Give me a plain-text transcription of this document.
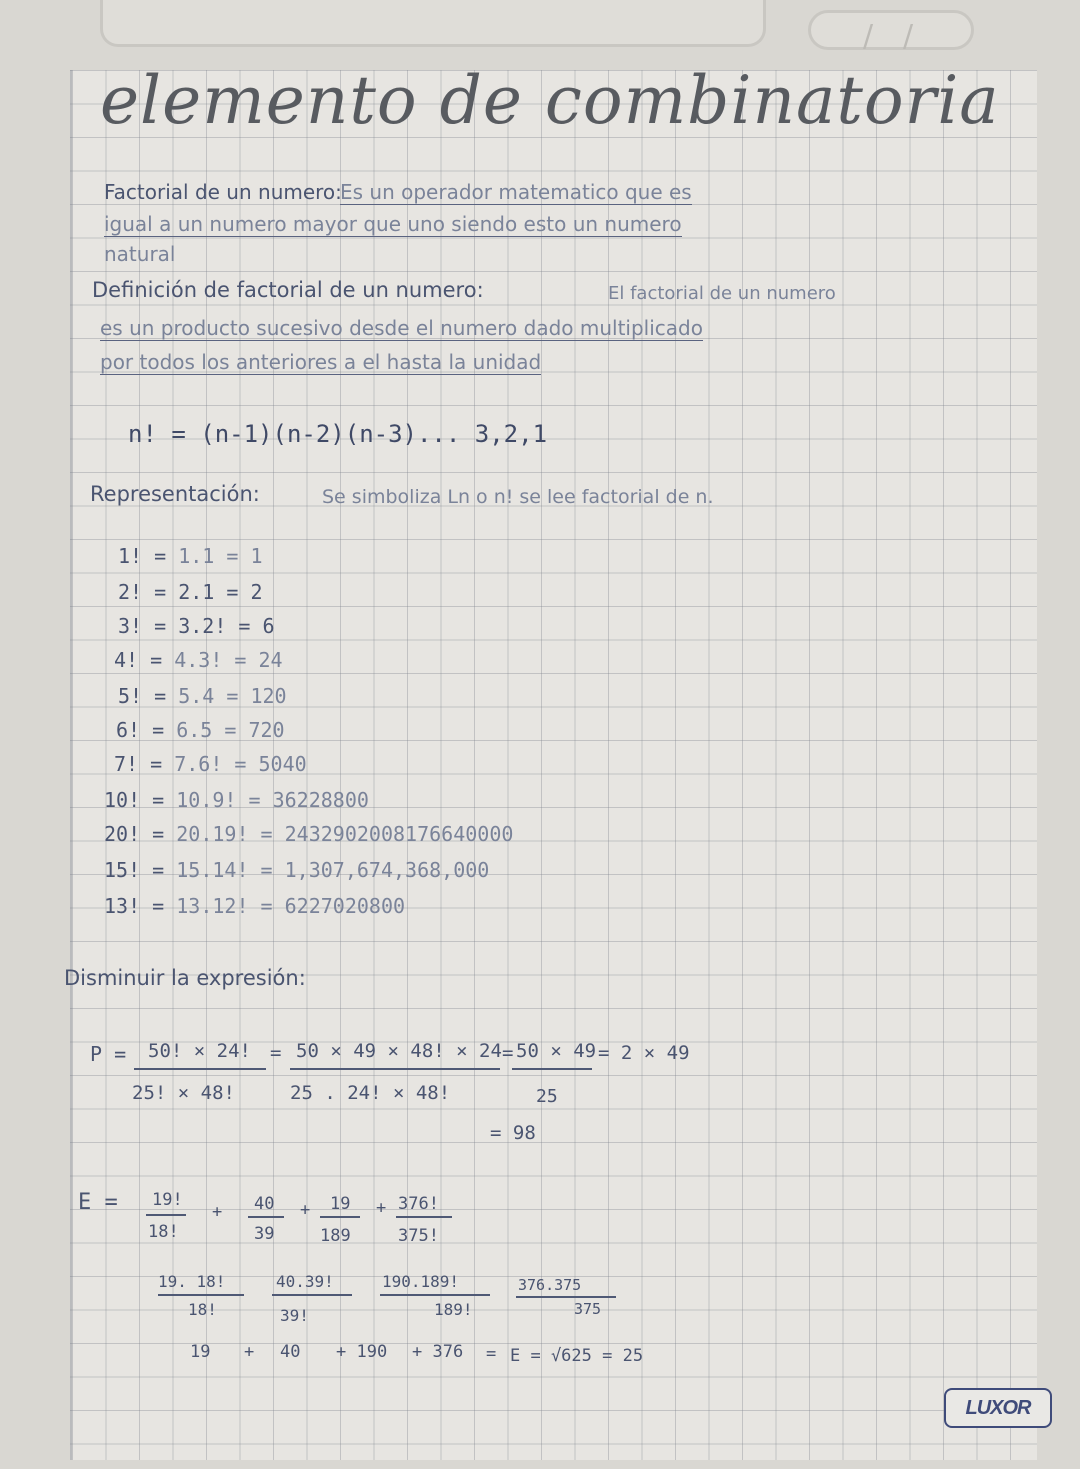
/ /
elemento de combinatoria
Factorial de un numero:
Es un operador matematico que es
igual a un numero mayor que uno siendo esto un numero
natural
Definición de factorial de un numero:	El factorial de un numero
es un producto sucesivo desde el numero dado multiplicado
por todos los anteriores a el hasta la unidad
n! = (n-1)(n-2)(n-3)... 3,2,1
Representación:	Se simboliza Ln o n! se lee factorial de n.
1! = 1.1 = 1
2! = 2.1 = 2
3! = 3.2! = 6
4! = 4.3! = 24
5! = 5.4 = 120
6! = 6.5 = 720
7! = 7.6! = 5040
10! = 10.9! = 36228800
20! = 20.19! = 2432902008176640000
15! = 15.14! = 1,307,674,368,000
13! = 13.12! = 6227020800
Disminuir la expresión:
P = 50! × 24!
25! × 48!
= 50 × 49 × 48! × 24
25 . 24! × 48!
= 50 × 49
25
= 2 × 49
= 98
E = 19!
18!
+ 40
39
+ 19
189
+ 376!
375!
19. 18!
18!
40.39!
39!
190.189!
189!
376.375
375
19 + 40 + 190 + 376 = E = √625 = 25
LUXOR
